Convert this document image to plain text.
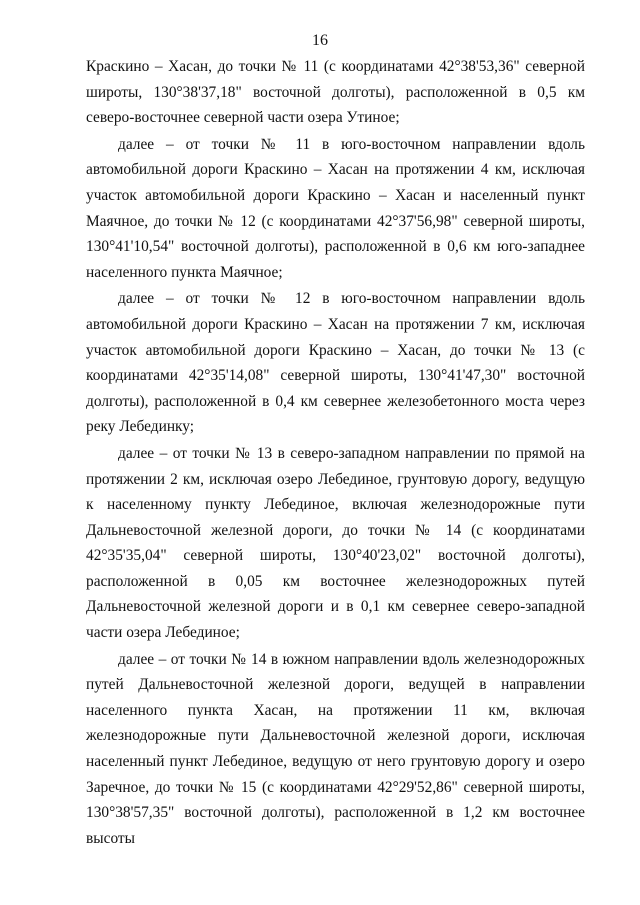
16

Краскино – Хасан, до точки № 11 (с координатами 42°38'53,36" северной широты, 130°38'37,18" восточной долготы), расположенной в 0,5 км северо-восточнее северной части озера Утиное;

далее – от точки № 11 в юго-восточном направлении вдоль автомобильной дороги Краскино – Хасан на протяжении 4 км, исключая участок автомобильной дороги Краскино – Хасан и населенный пункт Маячное, до точки № 12 (с координатами 42°37'56,98" северной широты, 130°41'10,54" восточной долготы), расположенной в 0,6 км юго-западнее населенного пункта Маячное;

далее – от точки № 12 в юго-восточном направлении вдоль автомобильной дороги Краскино – Хасан на протяжении 7 км, исключая участок автомобильной дороги Краскино – Хасан, до точки № 13 (с координатами 42°35'14,08" северной широты, 130°41'47,30" восточной долготы), расположенной в 0,4 км севернее железобетонного моста через реку Лебединку;

далее – от точки № 13 в северо-западном направлении по прямой на протяжении 2 км, исключая озеро Лебединое, грунтовую дорогу, ведущую к населенному пункту Лебединое, включая железнодорожные пути Дальневосточной железной дороги, до точки № 14 (с координатами 42°35'35,04" северной широты, 130°40'23,02" восточной долготы), расположенной в 0,05 км восточнее железнодорожных путей Дальневосточной железной дороги и в 0,1 км севернее северо-западной части озера Лебединое;

далее – от точки № 14 в южном направлении вдоль железнодорожных путей Дальневосточной железной дороги, ведущей в направлении населенного пункта Хасан, на протяжении 11 км, включая железнодорожные пути Дальневосточной железной дороги, исключая населенный пункт Лебединое, ведущую от него грунтовую дорогу и озеро Заречное, до точки № 15 (с координатами 42°29'52,86" северной широты, 130°38'57,35" восточной долготы), расположенной в 1,2 км восточнее высоты
